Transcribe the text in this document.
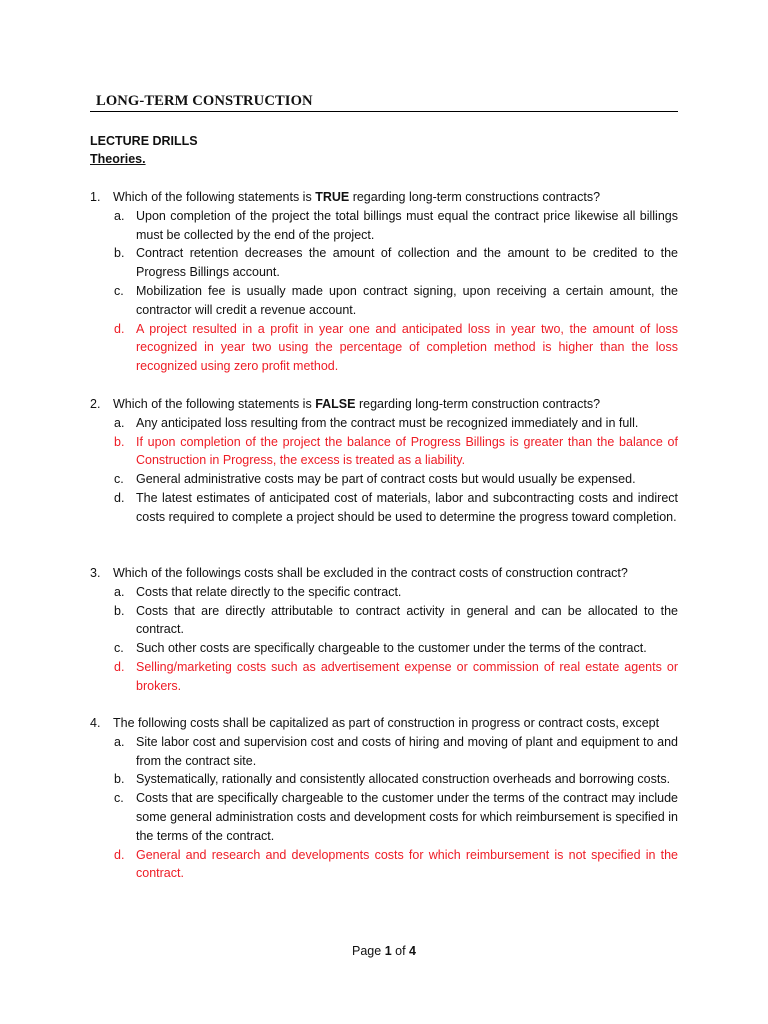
LONG-TERM CONSTRUCTION
LECTURE DRILLS
Theories.
1. Which of the following statements is TRUE regarding long-term constructions contracts?
a. Upon completion of the project the total billings must equal the contract price likewise all billings must be collected by the end of the project.
b. Contract retention decreases the amount of collection and the amount to be credited to the Progress Billings account.
c. Mobilization fee is usually made upon contract signing, upon receiving a certain amount, the contractor will credit a revenue account.
d. A project resulted in a profit in year one and anticipated loss in year two, the amount of loss recognized in year two using the percentage of completion method is higher than the loss recognized using zero profit method.
2. Which of the following statements is FALSE regarding long-term construction contracts?
a. Any anticipated loss resulting from the contract must be recognized immediately and in full.
b. If upon completion of the project the balance of Progress Billings is greater than the balance of Construction in Progress, the excess is treated as a liability.
c. General administrative costs may be part of contract costs but would usually be expensed.
d. The latest estimates of anticipated cost of materials, labor and subcontracting costs and indirect costs required to complete a project should be used to determine the progress toward completion.
3. Which of the followings costs shall be excluded in the contract costs of construction contract?
a. Costs that relate directly to the specific contract.
b. Costs that are directly attributable to contract activity in general and can be allocated to the contract.
c. Such other costs are specifically chargeable to the customer under the terms of the contract.
d. Selling/marketing costs such as advertisement expense or commission of real estate agents or brokers.
4. The following costs shall be capitalized as part of construction in progress or contract costs, except
a. Site labor cost and supervision cost and costs of hiring and moving of plant and equipment to and from the contract site.
b. Systematically, rationally and consistently allocated construction overheads and borrowing costs.
c. Costs that are specifically chargeable to the customer under the terms of the contract may include some general administration costs and development costs for which reimbursement is specified in the terms of the contract.
d. General and research and developments costs for which reimbursement is not specified in the contract.
Page 1 of 4
